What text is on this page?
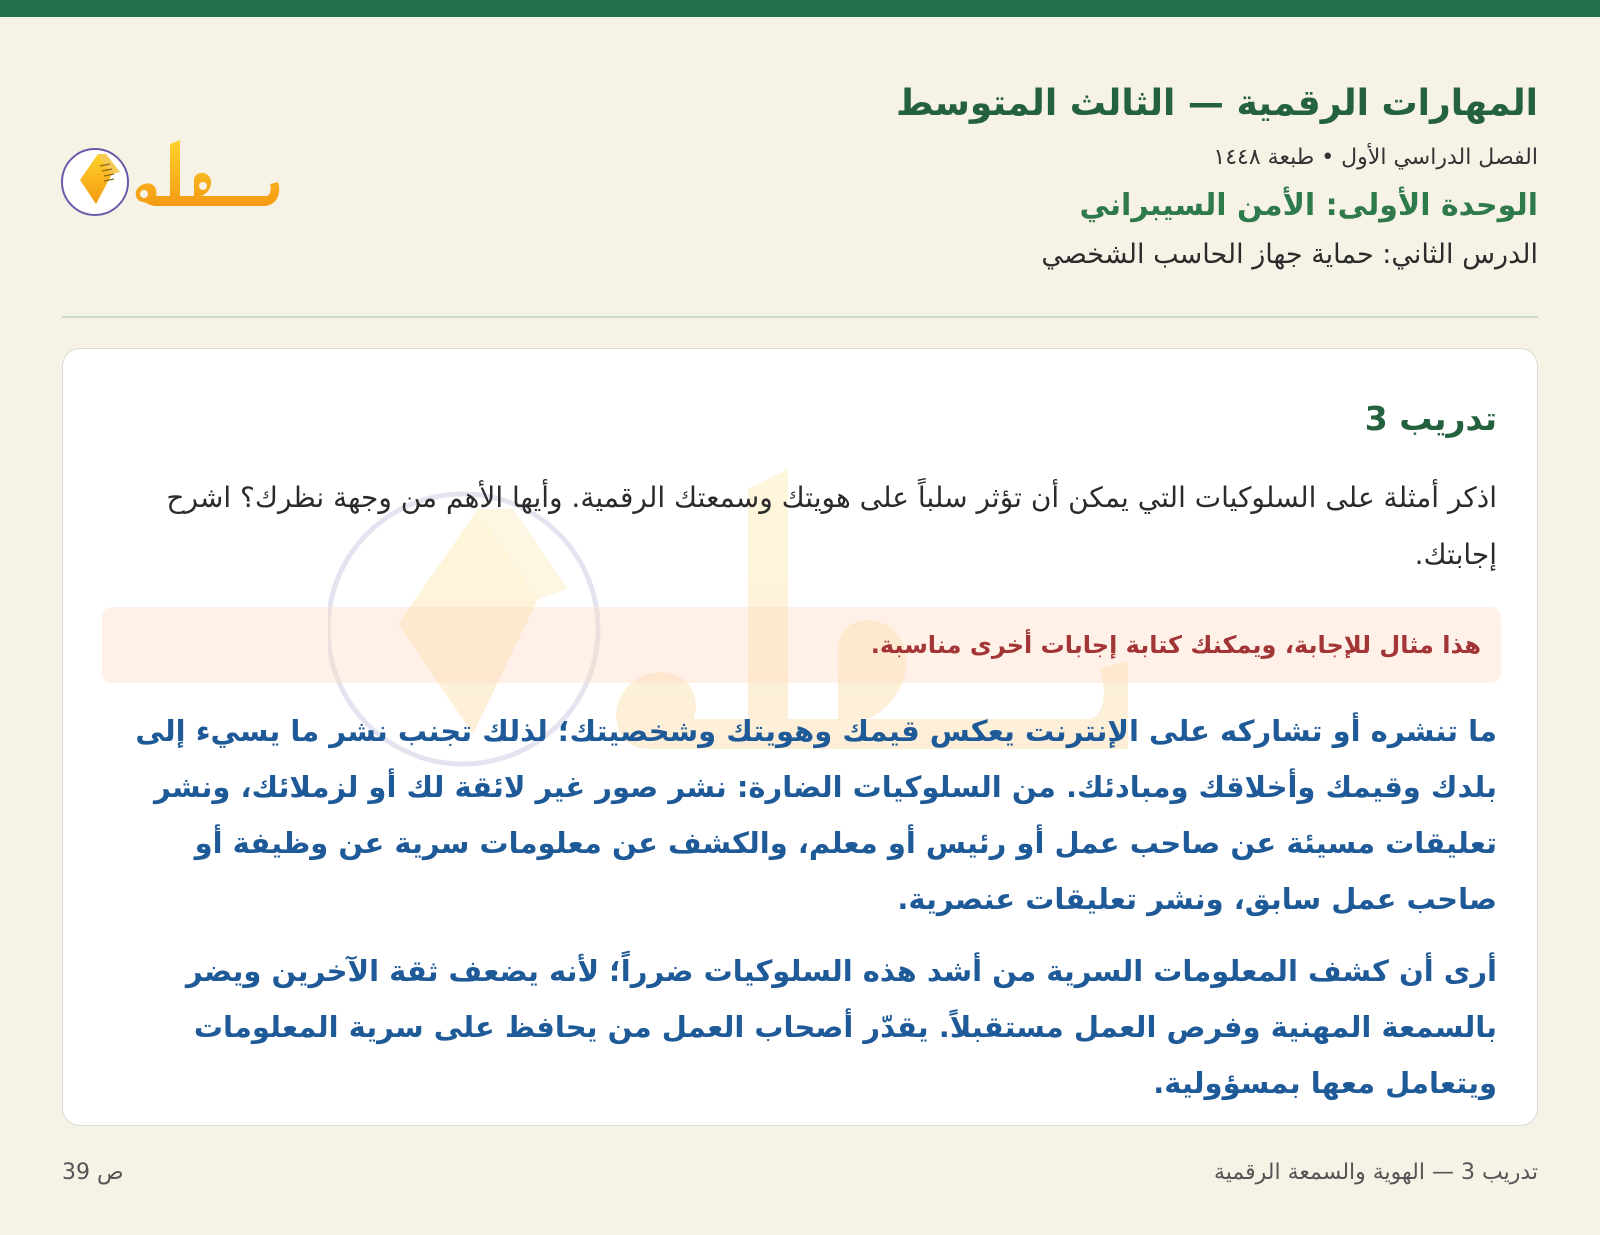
المهارات الرقمية — الثالث المتوسط
الفصل الدراسي الأول • طبعة ١٤٤٨
الوحدة الأولى: الأمن السيبراني
الدرس الثاني: حماية جهاز الحاسب الشخصي
تدريب 3

اذكر أمثلة على السلوكيات التي يمكن أن تؤثر سلباً على هويتك وسمعتك الرقمية. وأيها الأهم من وجهة نظرك؟ اشرح إجابتك.

هذا مثال للإجابة، ويمكنك كتابة إجابات أخرى مناسبة.

ما تنشره أو تشاركه على الإنترنت يعكس قيمك وهويتك وشخصيتك؛ لذلك تجنب نشر ما يسيء إلى بلدك وقيمك وأخلاقك ومبادئك. من السلوكيات الضارة: نشر صور غير لائقة لك أو لزملائك، ونشر تعليقات مسيئة عن صاحب عمل أو رئيس أو معلم، والكشف عن معلومات سرية عن وظيفة أو صاحب عمل سابق، ونشر تعليقات عنصرية.

أرى أن كشف المعلومات السرية من أشد هذه السلوكيات ضرراً؛ لأنه يضعف ثقة الآخرين ويضر بالسمعة المهنية وفرص العمل مستقبلاً. يقدّر أصحاب العمل من يحافظ على سرية المعلومات ويتعامل معها بمسؤولية.

تدريب 3 — الهوية والسمعة الرقمية
ص 39
